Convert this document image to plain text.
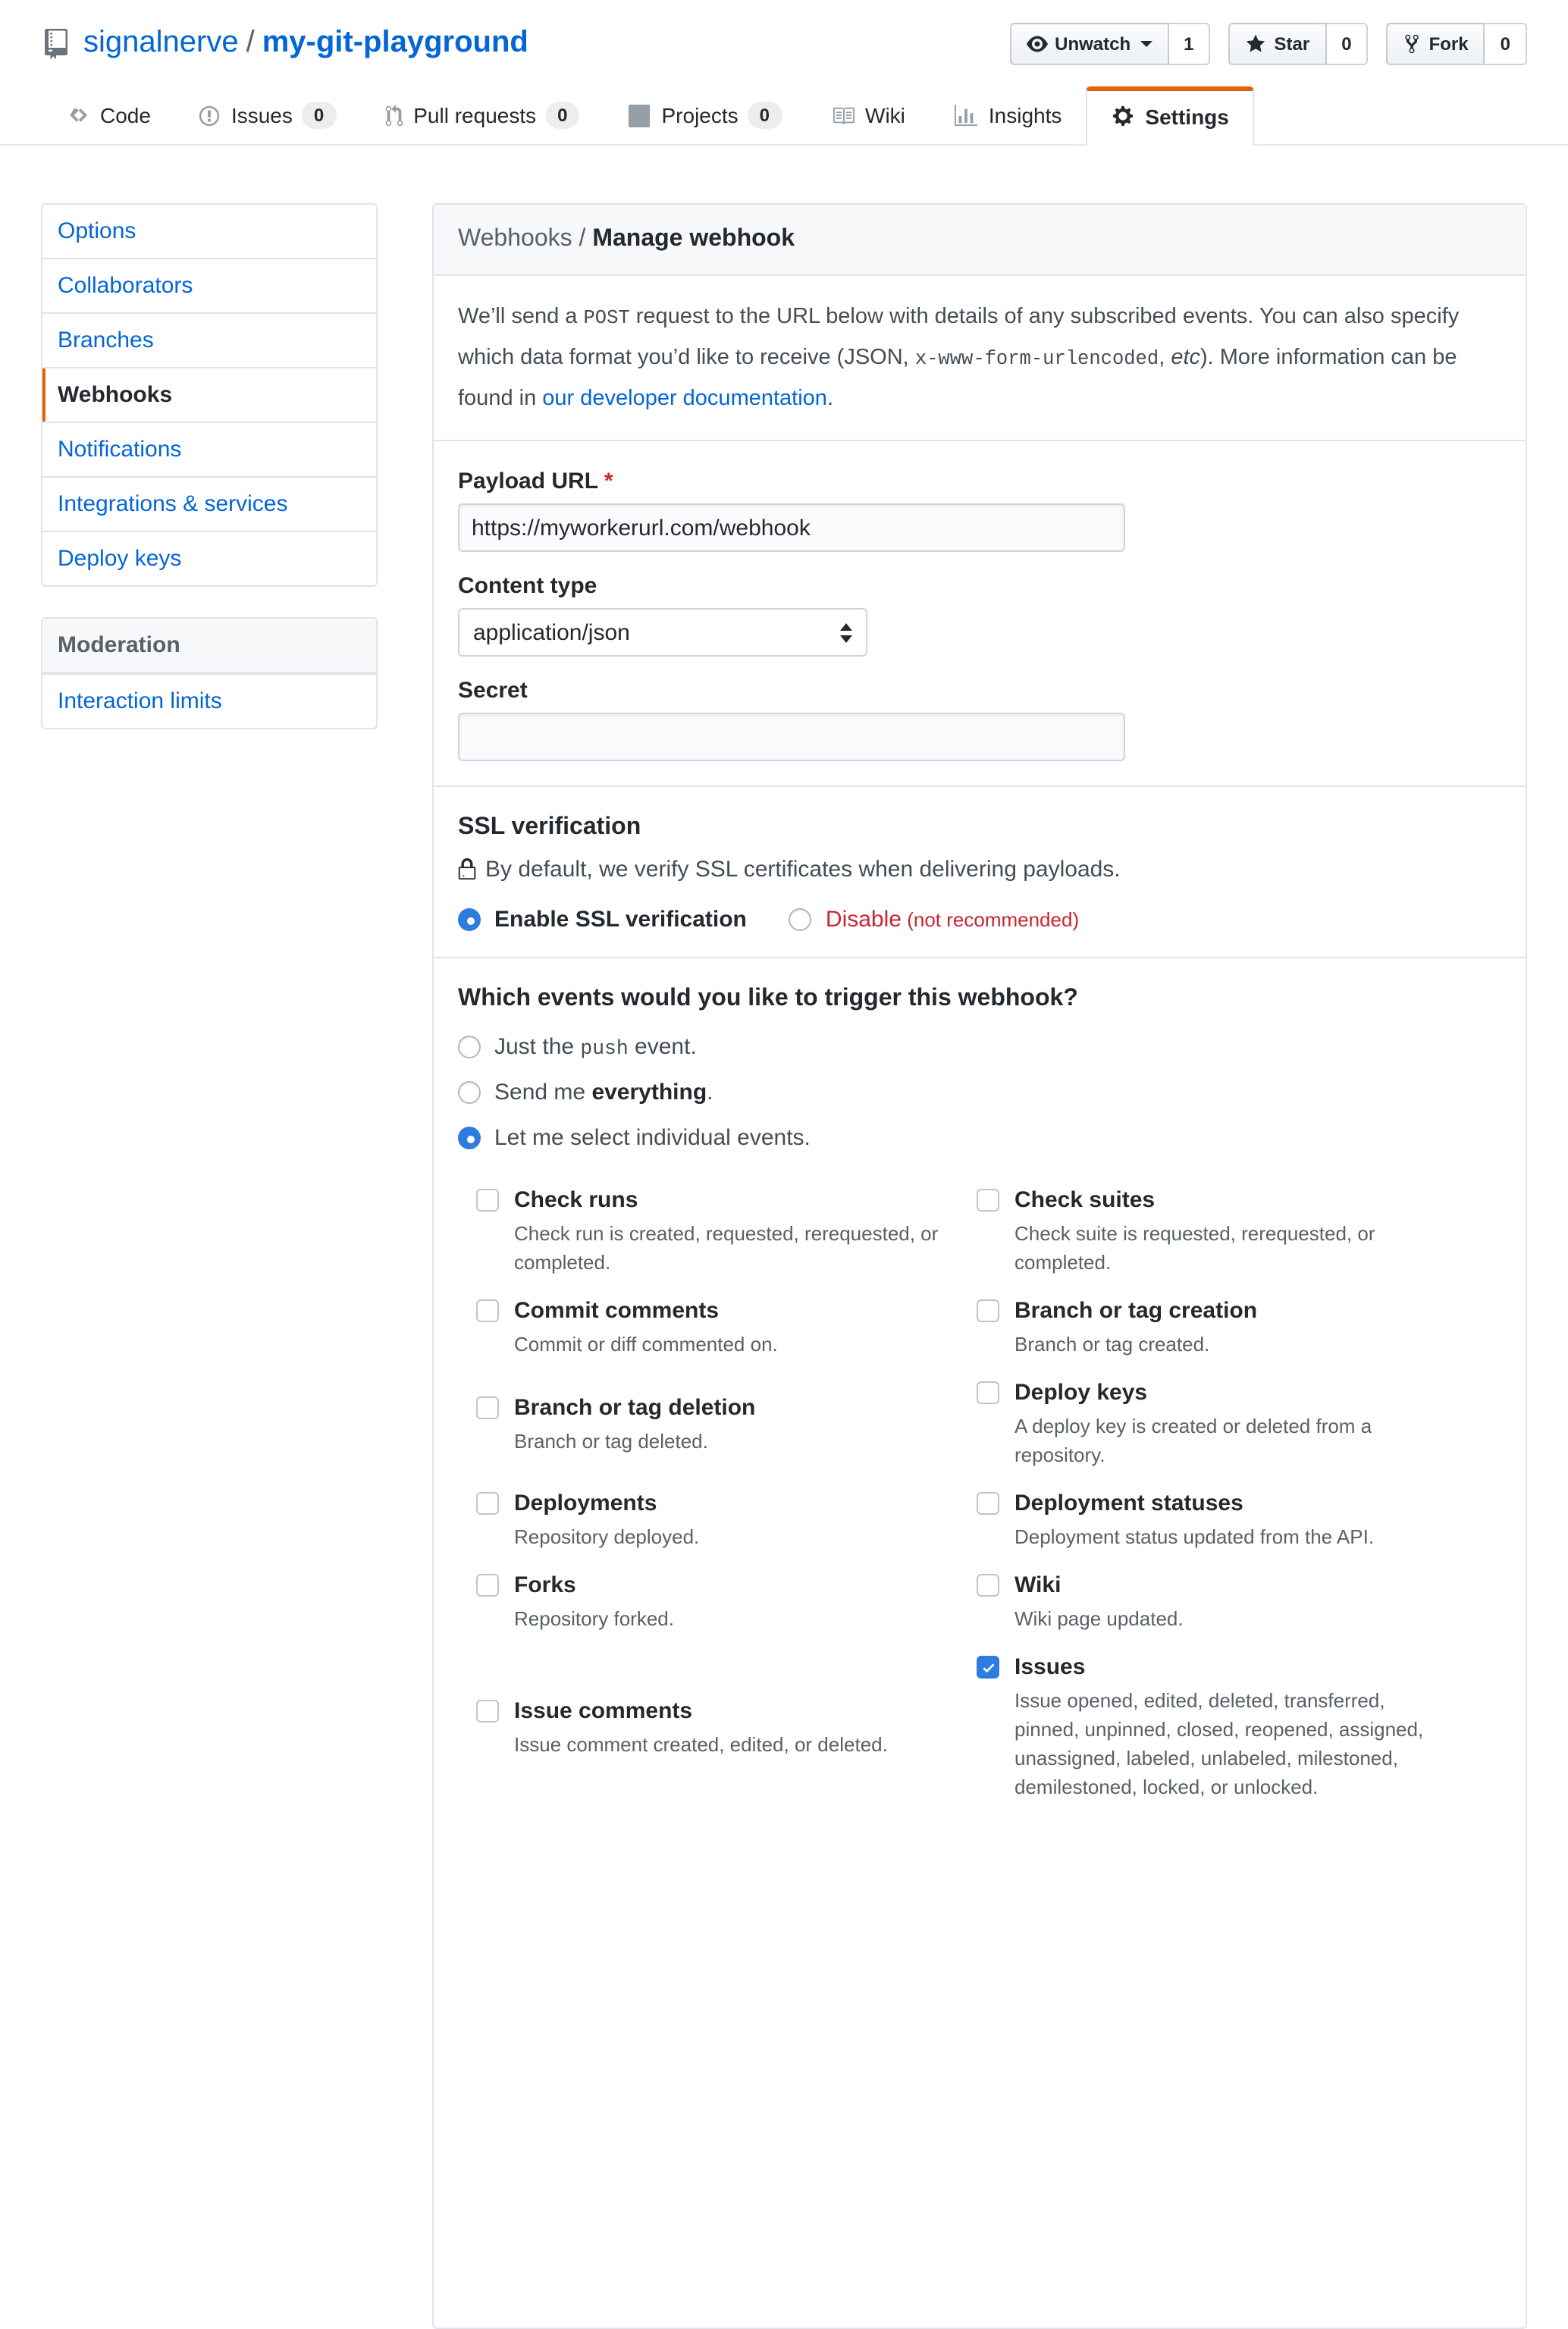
signalnerve / my-git-playground	Unwatch	1	Star	0	Fork	0
Code	Issues	0	Pull requests	0	Projects	0	Wiki	Insights	Settings
Options
Collaborators
Branches
Webhooks
Notifications
Integrations & services
Deploy keys
Moderation
Interaction limits
Webhooks / Manage webhook
We’ll send a POST request to the URL below with details of any subscribed events. You can also specify which data format you’d like to receive (JSON, x-www-form-urlencoded, etc). More information can be found in our developer documentation.
Payload URL *
https://myworkerurl.com/webhook
Content type
application/json
Secret
SSL verification
By default, we verify SSL certificates when delivering payloads.
Enable SSL verification	Disable (not recommended)
Which events would you like to trigger this webhook?
Just the push event.
Send me everything.
Let me select individual events.
Check runs
Check run is created, requested, rerequested, or completed.
Check suites
Check suite is requested, rerequested, or completed.
Commit comments
Commit or diff commented on.
Branch or tag creation
Branch or tag created.
Branch or tag deletion
Branch or tag deleted.
Deploy keys
A deploy key is created or deleted from a repository.
Deployments
Repository deployed.
Deployment statuses
Deployment status updated from the API.
Forks
Repository forked.
Wiki
Wiki page updated.
Issue comments
Issue comment created, edited, or deleted.
Issues
Issue opened, edited, deleted, transferred, pinned, unpinned, closed, reopened, assigned, unassigned, labeled, unlabeled, milestoned, demilestoned, locked, or unlocked.
